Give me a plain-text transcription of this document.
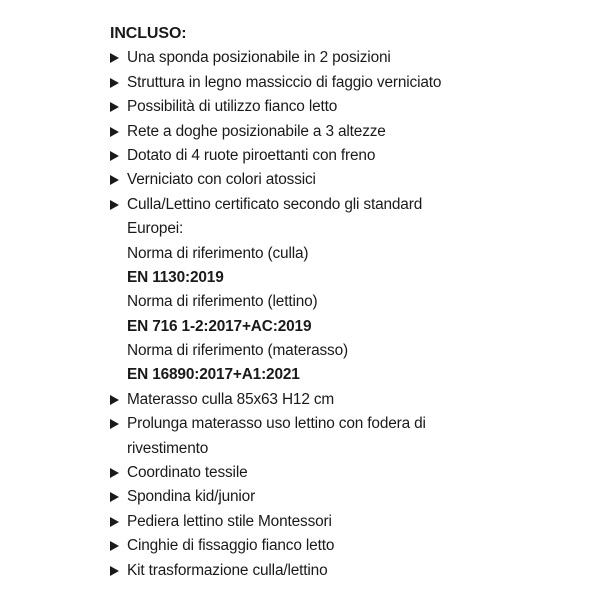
INCLUSO:
Una sponda posizionabile in 2 posizioni
Struttura in legno massiccio di faggio verniciato
Possibilità di utilizzo fianco letto
Rete a doghe posizionabile a 3 altezze
Dotato di 4 ruote piroettanti con freno
Verniciato con colori atossici
Culla/Lettino certificato secondo gli standard
Europei:
Norma di riferimento (culla)
EN 1130:2019
Norma di riferimento (lettino)
EN 716 1-2:2017+AC:2019
Norma di riferimento (materasso)
EN 16890:2017+A1:2021
Materasso culla 85x63 H12 cm
Prolunga materasso uso lettino con fodera di
rivestimento
Coordinato tessile
Spondina kid/junior
Pediera lettino stile Montessori
Cinghie di fissaggio fianco letto
Kit trasformazione culla/lettino
